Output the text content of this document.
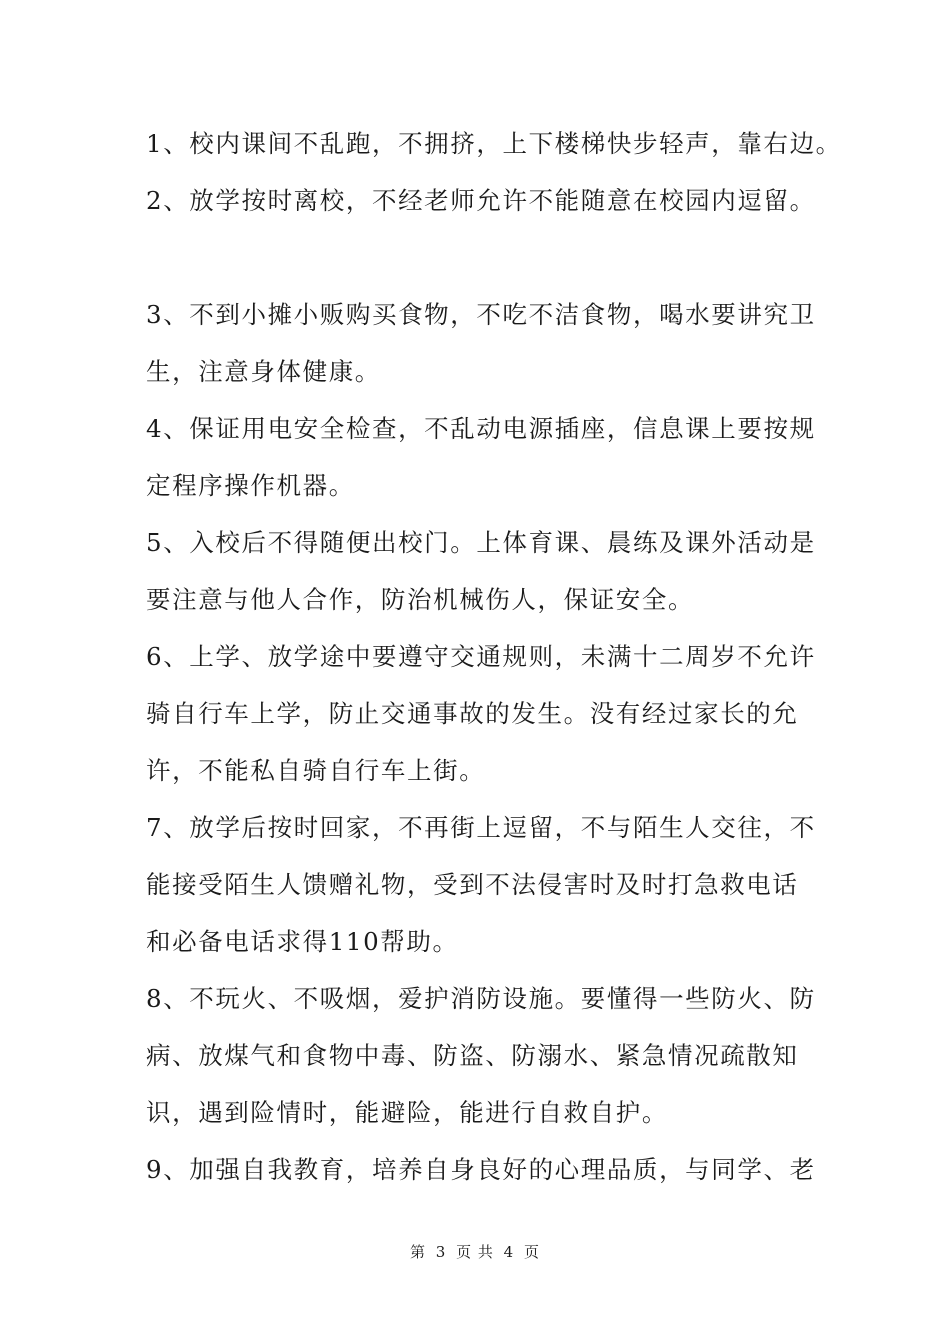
1、校内课间不乱跑，不拥挤，上下楼梯快步轻声，靠右边。
2、放学按时离校，不经老师允许不能随意在校园内逗留。
3、不到小摊小贩购买食物，不吃不洁食物，喝水要讲究卫
生，注意身体健康。
4、保证用电安全检查，不乱动电源插座，信息课上要按规
定程序操作机器。
5、入校后不得随便出校门。上体育课、晨练及课外活动是
要注意与他人合作，防治机械伤人，保证安全。
6、上学、放学途中要遵守交通规则，未满十二周岁不允许
骑自行车上学，防止交通事故的发生。没有经过家长的允
许，不能私自骑自行车上街。
7、放学后按时回家，不再街上逗留，不与陌生人交往，不
能接受陌生人馈赠礼物，受到不法侵害时及时打急救电话
和必备电话求得110帮助。
8、不玩火、不吸烟，爱护消防设施。要懂得一些防火、防
病、放煤气和食物中毒、防盗、防溺水、紧急情况疏散知
识，遇到险情时，能避险，能进行自救自护。
9、加强自我教育，培养自身良好的心理品质，与同学、老
第 3 页 共 4 页
